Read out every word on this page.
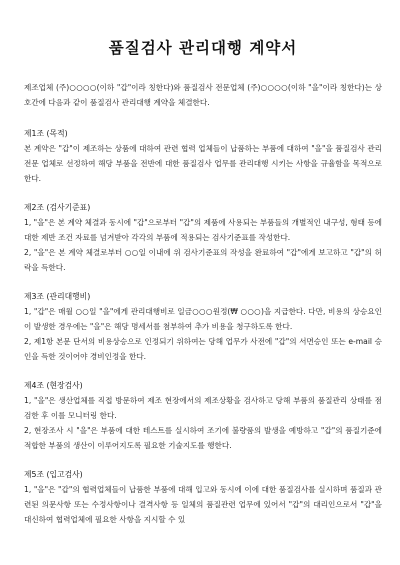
품질검사 관리대행 계약서

제조업체 (주)○○○○(이하 "갑"이라 칭한다)와 품질검사 전문업체 (주)○○○○(이하 "을"이라 칭한다)는 상호간에 다음과 같이 품질검사 관리대행 계약을 체결한다.

제1조 (목적)

본 계약은 "갑"이 제조하는 상품에 대하여 관련 협력 업체들이 납품하는 부품에 대하여 "을"을 품질검사 관리전문 업체로 선정하여 해당 부품을 전반에 대한 품질검사 업무를 관리대행 시키는 사항을 규율함을 목적으로 한다.

제2조 (검사기준표)

1, "을"은 본 계약 체결과 동시에 "갑"으로부터 "갑"의 제품에 사용되는 부품들의 개별적인 내구성, 형태 등에 대한 제반 조건 자료를 넘겨받아 각각의 부품에 적용되는 검사기준표를 작성한다.

2, "을"은 본 계약 체결로부터 ○○일 이내에 위 검사기준표의 작성을 완료하여 "갑"에게 보고하고 "갑"의 허락을 득한다.

제3조 (관리대행비)

1, "갑"은 매월 ○○일 "을"에게 관리대행비로 일금○○○원정(₩ ○○○)을 지급한다. 다만, 비용의 상승요인이 발생한 경우에는 "을"은 해당 명세서를 첨부하여 추가 비용을 청구하도록 한다.

2, 제1항 본문 단서의 비용상승으로 인정되기 위하여는 당해 업무가 사전에 "갑"의 서면승인 또는 e-mail 승인을 득한 것이어야 경비인정을 한다.

제4조 (현장검사)

1, "을"은 생산업체를 직접 방문하여 제조 현장에서의 제조상황을 검사하고 당해 부품의 품질관리 상태를 점검한 후 이를 모니터링 한다.

2, 현장조사 시 "을"은 부품에 대한 테스트를 실시하여 조기에 불량품의 발생을 예방하고 "갑"의 품질기준에 적합한 부품의 생산이 이루어지도록 필요한 기술지도를 행한다.

제5조 (입고검사)

1, "을"은 "갑"의 협력업체들이 납품한 부품에 대해 입고와 동시에 이에 대한 품질검사를 실시하며 품질과 관련된 의문사항 또는 수정사항이나 결격사항 등 일체의 품질관련 업무에 있어서 "갑"의 대리인으로서 "갑"을 대신하여 협력업체에 필요한 사항을 지시할 수 있
